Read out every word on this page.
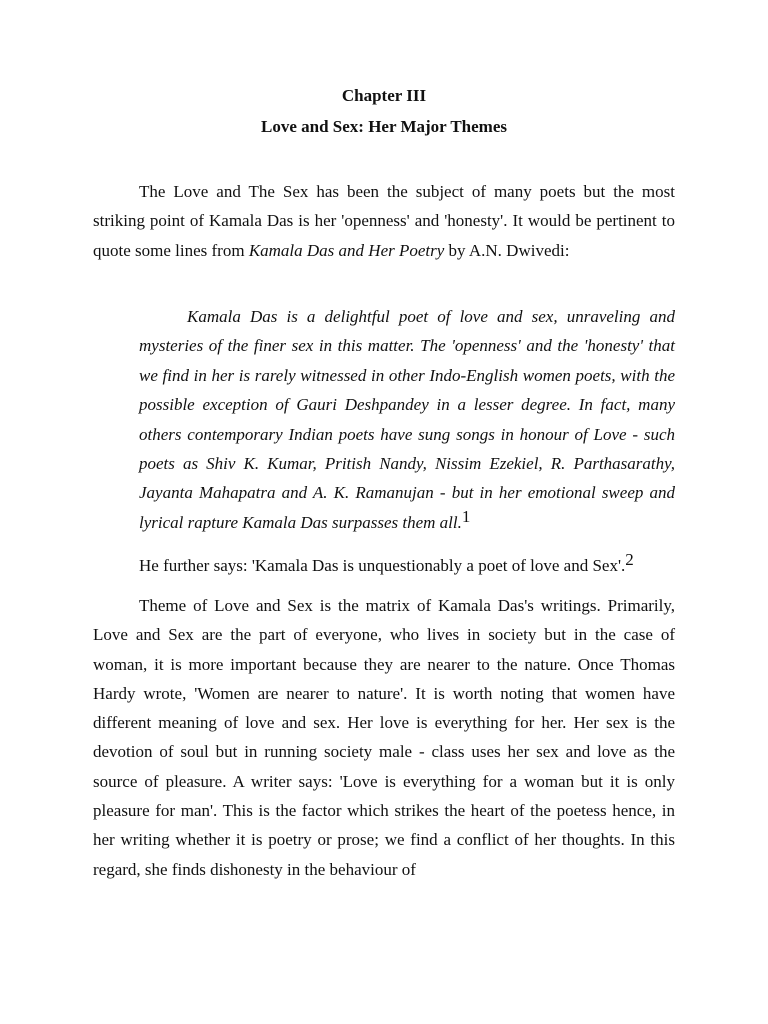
Chapter III
Love and Sex: Her Major Themes

The Love and The Sex has been the subject of many poets but the most striking point of Kamala Das is her 'openness' and 'honesty'. It would be pertinent to quote some lines from Kamala Das and Her Poetry by A.N. Dwivedi:

Kamala Das is a delightful poet of love and sex, unraveling and mysteries of the finer sex in this matter. The 'openness' and the 'honesty' that we find in her is rarely witnessed in other Indo-English women poets, with the possible exception of Gauri Deshpandey in a lesser degree. In fact, many others contemporary Indian poets have sung songs in honour of Love - such poets as Shiv K. Kumar, Pritish Nandy, Nissim Ezekiel, R. Parthasarathy, Jayanta Mahapatra and A. K. Ramanujan - but in her emotional sweep and lyrical rapture Kamala Das surpasses them all.$^1$

He further says: 'Kamala Das is unquestionably a poet of love and Sex'.$^2$

Theme of Love and Sex is the matrix of Kamala Das's writings. Primarily, Love and Sex are the part of everyone, who lives in society but in the case of woman, it is more important because they are nearer to the nature. Once Thomas Hardy wrote, 'Women are nearer to nature'. It is worth noting that women have different meaning of love and sex. Her love is everything for her. Her sex is the devotion of soul but in running society male - class uses her sex and love as the source of pleasure. A writer says: 'Love is everything for a woman but it is only pleasure for man'. This is the factor which strikes the heart of the poetess hence, in her writing whether it is poetry or prose; we find a conflict of her thoughts. In this regard, she finds dishonesty in the behaviour of
